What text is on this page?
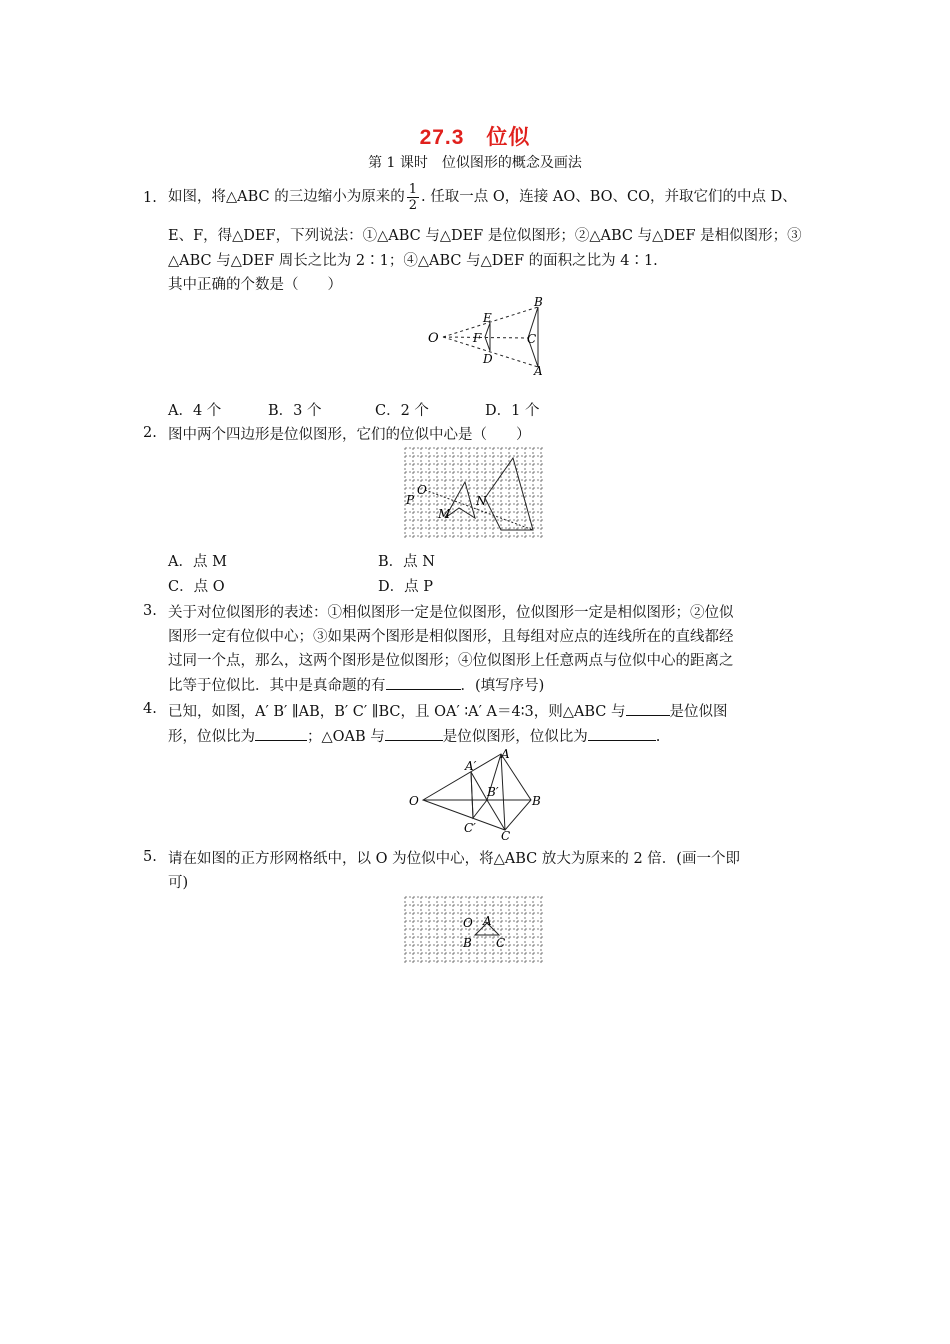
27.3　位似
第 1 课时　位似图形的概念及画法
1. 如图，将△ABC 的三边缩小为原来的 $\frac{1}{2}$ . 任取一点 O，连接 AO、BO、CO，并取它们的中点 D、
E、F，得△DEF，下列说法：①△ABC 与△DEF 是位似图形；②△ABC 与△DEF 是相似图形；③
△ABC 与△DEF 周长之比为 2∶1；④△ABC 与△DEF 的面积之比为 4∶1.
其中正确的个数是（　　）
O
E
F
D
B
C
A
A．4 个	B．3 个	C．2 个	D．1 个
2. 图中两个四边形是位似图形，它们的位似中心是（　　）
O
P
M
N
A．点 M	B．点 N
C．点 O	D．点 P
3. 关于对位似图形的表述：①相似图形一定是位似图形，位似图形一定是相似图形；②位似
图形一定有位似中心；③如果两个图形是相似图形，且每组对应点的连线所在的直线都经
过同一个点，那么，这两个图形是位似图形；④位似图形上任意两点与位似中心的距离之
比等于位似比．其中是真命题的有	．(填写序号)
4. 已知，如图，A′ B′ ∥AB，B′ C′ ∥BC，且 OA′ ∶A′ A＝4∶3，则△ABC 与	是位似图
形，位似比为	；△OAB 与	是位似图形，位似比为	.
O
A′
A
B′
B
C′
C
5. 请在如图的正方形网格纸中，以 O 为位似中心，将△ABC 放大为原来的 2 倍．(画一个即
可)
O A
B C
